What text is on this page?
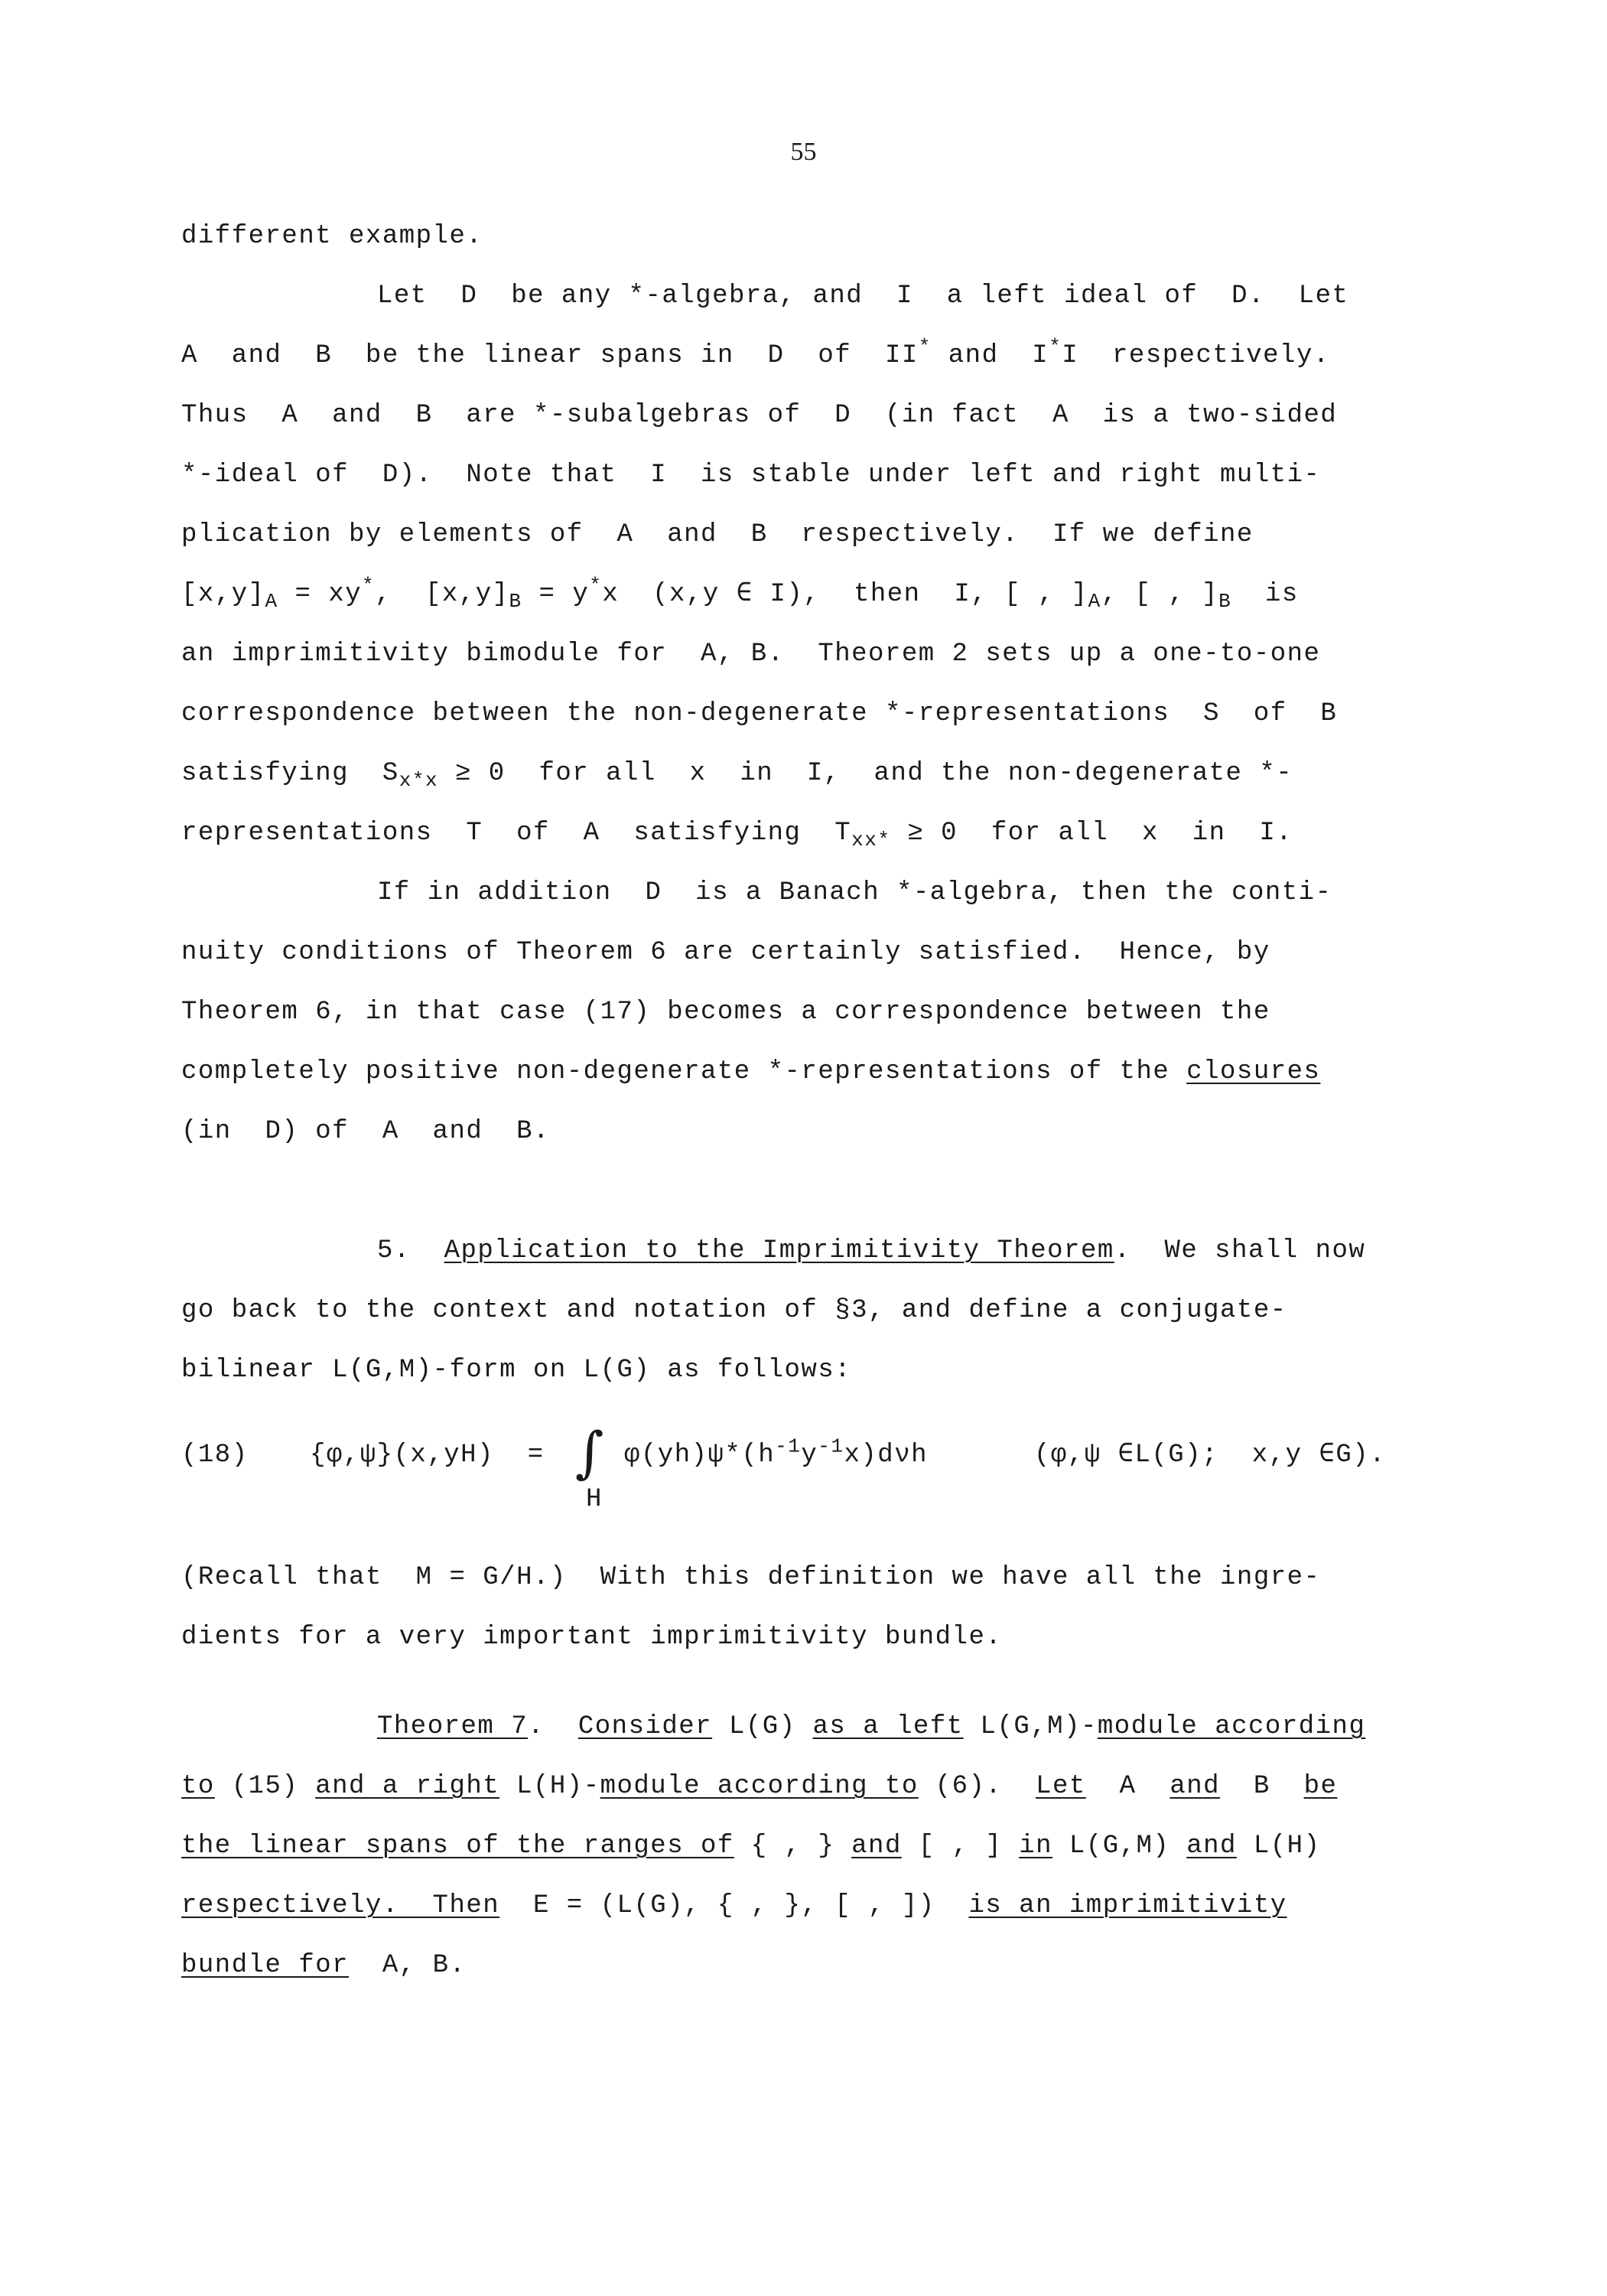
55
different example.
Let  D  be any *-algebra, and  I  a left ideal of  D.  Let
A  and  B  be the linear spans in  D  of  II* and  I*I  respectively.
Thus  A  and  B  are *-subalgebras of  D  (in fact  A  is a two-sided
*-ideal of  D).  Note that  I  is stable under left and right multi-
plication by elements of  A  and  B  respectively.  If we define
$[x,y]_A = xy^*$,  $[x,y]_B = y^*x$  (x,y ∈ I),  then  I, [ , ]$_A$, [ , ]$_B$  is
an imprimitivity bimodule for  A, B.  Theorem 2 sets up a one-to-one
correspondence between the non-degenerate *-representations  S  of  B
satisfying  $S_{x*x} \ge 0$  for all  x  in  I,  and the non-degenerate *-
representations  T  of  A  satisfying  $T_{xx*} \ge 0$  for all  x  in  I.
If in addition  D  is a Banach *-algebra, then the conti-
nuity conditions of Theorem 6 are certainly satisfied.  Hence, by
Theorem 6, in that case (17) becomes a correspondence between the
completely positive non-degenerate *-representations of the closures
(in  D) of  A  and  B.
5.  Application to the Imprimitivity Theorem.  We shall now
go back to the context and notation of §3, and define a conjugate-
bilinear L(G,M)-form on L(G) as follows:
(18) {φ,ψ}(x,yH)  = ∫
H
$\varphi(yh)\psi*(h^{-1}y^{-1}x)d\nu h$	(φ,ψ ∈L(G);  x,y ∈G).
(Recall that  M = G/H.)  With this definition we have all the ingre-
dients for a very important imprimitivity bundle.
Theorem 7.  Consider L(G) as a left L(G,M)-module according
to (15) and a right L(H)-module according to (6).  Let  A  and  B  be
the linear spans of the ranges of { , } and [ , ] in L(G,M) and L(H)
respectively.  Then  E = (L(G), { , }, [ , ])  is an imprimitivity
bundle for  A, B.
